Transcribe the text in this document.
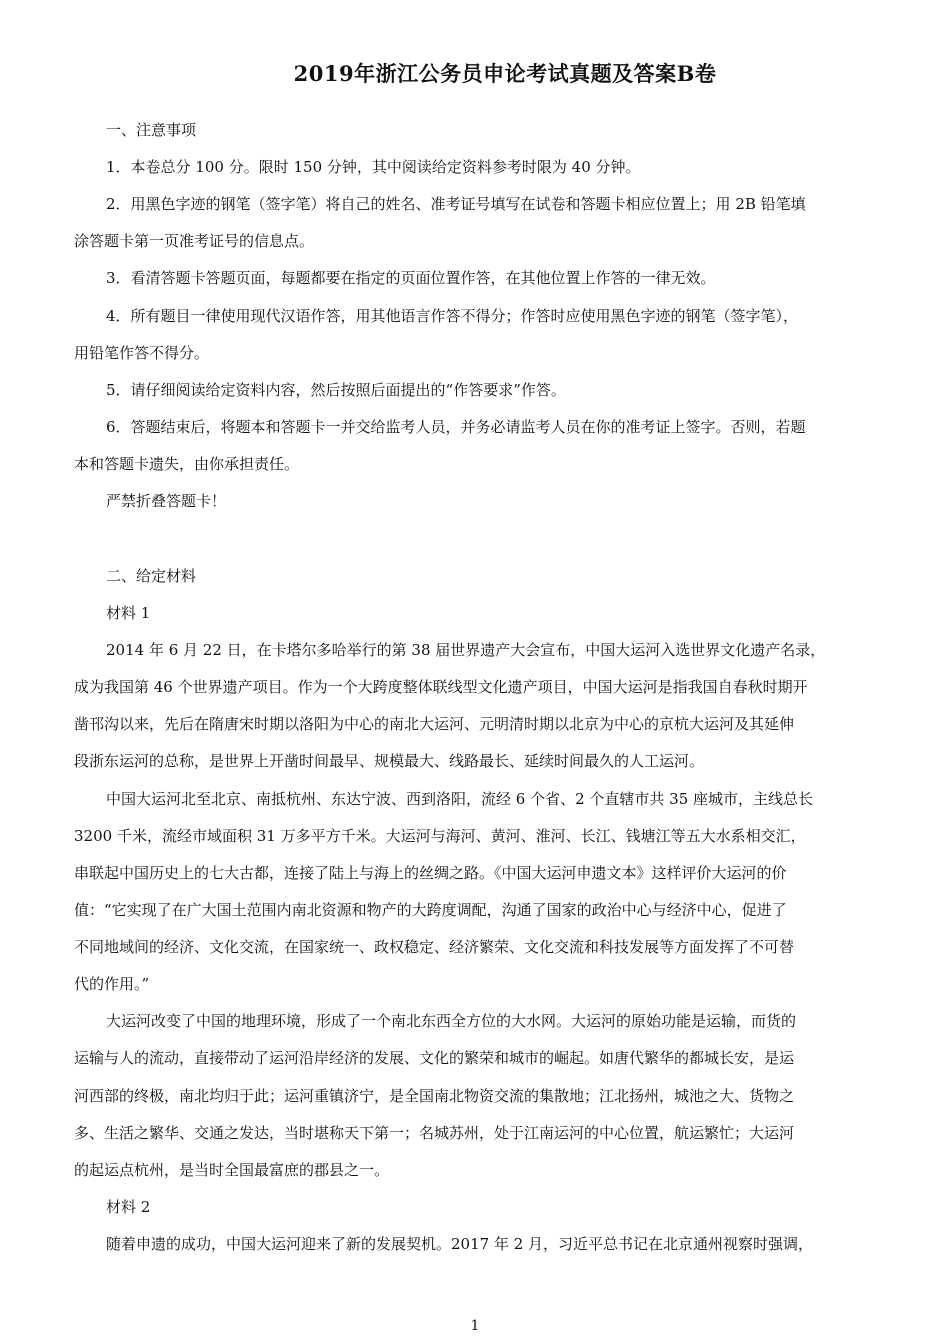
2019年浙江公务员申论考试真题及答案B卷
一、注意事项
1．本卷总分 100 分。限时 150 分钟，其中阅读给定资料参考时限为 40 分钟。
2．用黑色字迹的钢笔（签字笔）将自己的姓名、准考证号填写在试卷和答题卡相应位置上；用 2B 铅笔填
涂答题卡第一页准考证号的信息点。
3．看清答题卡答题页面，每题都要在指定的页面位置作答，在其他位置上作答的一律无效。
4．所有题目一律使用现代汉语作答，用其他语言作答不得分；作答时应使用黑色字迹的钢笔（签字笔），
用铅笔作答不得分。
5．请仔细阅读给定资料内容，然后按照后面提出的“作答要求”作答。
6．答题结束后，将题本和答题卡一并交给监考人员，并务必请监考人员在你的准考证上签字。否则，若题
本和答题卡遗失，由你承担责任。
严禁折叠答题卡！
二、给定材料
材料 1
2014 年 6 月 22 日，在卡塔尔多哈举行的第 38 届世界遗产大会宣布，中国大运河入选世界文化遗产名录，
成为我国第 46 个世界遗产项目。作为一个大跨度整体联线型文化遗产项目，中国大运河是指我国自春秋时期开
凿邗沟以来，先后在隋唐宋时期以洛阳为中心的南北大运河、元明清时期以北京为中心的京杭大运河及其延伸
段浙东运河的总称，是世界上开凿时间最早、规模最大、线路最长、延续时间最久的人工运河。
中国大运河北至北京、南抵杭州、东达宁波、西到洛阳，流经 6 个省、2 个直辖市共 35 座城市，主线总长
3200 千米，流经市域面积 31 万多平方千米。大运河与海河、黄河、淮河、长江、钱塘江等五大水系相交汇，
串联起中国历史上的七大古都，连接了陆上与海上的丝绸之路。《中国大运河申遗文本》这样评价大运河的价
值：“它实现了在广大国土范围内南北资源和物产的大跨度调配，沟通了国家的政治中心与经济中心，促进了
不同地域间的经济、文化交流，在国家统一、政权稳定、经济繁荣、文化交流和科技发展等方面发挥了不可替
代的作用。”
大运河改变了中国的地理环境，形成了一个南北东西全方位的大水网。大运河的原始功能是运输，而货的
运输与人的流动，直接带动了运河沿岸经济的发展、文化的繁荣和城市的崛起。如唐代繁华的都城长安，是运
河西部的终极，南北均归于此；运河重镇济宁，是全国南北物资交流的集散地；江北扬州，城池之大、货物之
多、生活之繁华、交通之发达，当时堪称天下第一；名城苏州，处于江南运河的中心位置，航运繁忙；大运河
的起运点杭州，是当时全国最富庶的郡县之一。
材料 2
随着申遗的成功，中国大运河迎来了新的发展契机。2017 年 2 月，习近平总书记在北京通州视察时强调，
1
